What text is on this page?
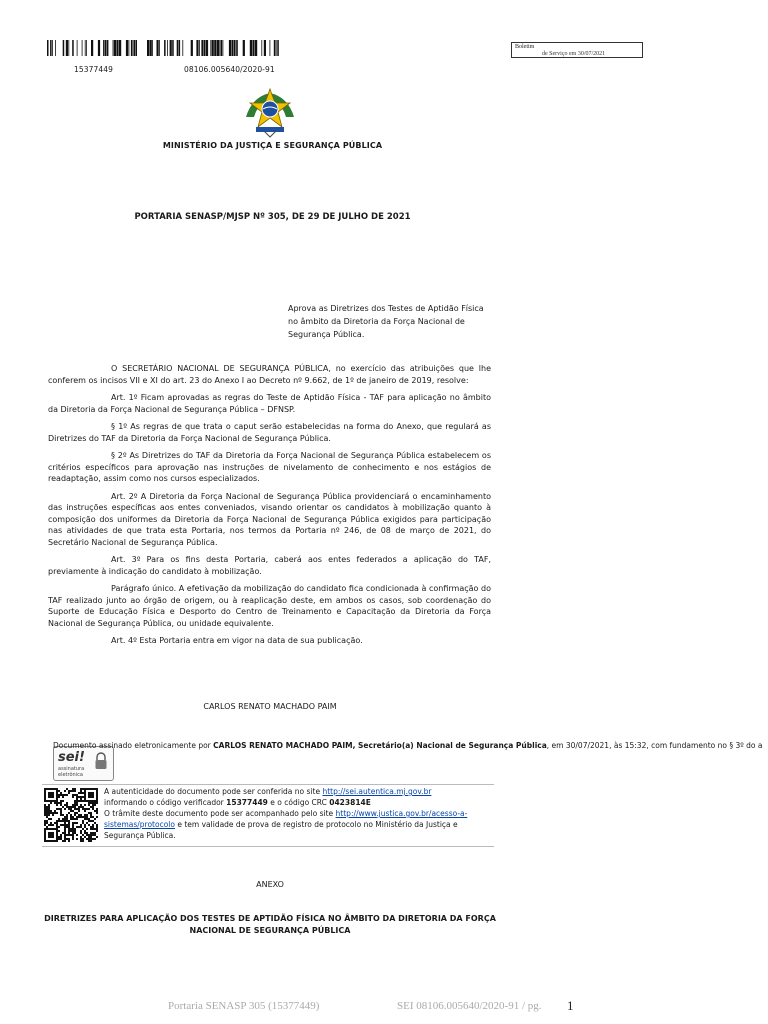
15377449	08106.005640/2020-91
Boletim
de Serviço em 30/07/2021
MINISTÉRIO DA JUSTIÇA E SEGURANÇA PÚBLICA
PORTARIA SENASP/MJSP Nº 305, DE 29 DE JULHO DE 2021
Aprova as Diretrizes dos Testes de Aptidão Física no âmbito da Diretoria da Força Nacional de Segurança Pública.

O SECRETÁRIO NACIONAL DE SEGURANÇA PÚBLICA, no exercício das atribuições que lhe conferem os incisos VII e XI do art. 23 do Anexo I ao Decreto nº 9.662, de 1º de janeiro de 2019, resolve:

Art. 1º Ficam aprovadas as regras do Teste de Aptidão Física - TAF para aplicação no âmbito da Diretoria da Força Nacional de Segurança Pública – DFNSP.

§ 1º As regras de que trata o caput serão estabelecidas na forma do Anexo, que regulará as Diretrizes do TAF da Diretoria da Força Nacional de Segurança Pública.

§ 2º As Diretrizes do TAF da Diretoria da Força Nacional de Segurança Pública estabelecem os critérios específicos para aprovação nas instruções de nivelamento de conhecimento e nos estágios de readaptação, assim como nos cursos especializados.

Art. 2º A Diretoria da Força Nacional de Segurança Pública providenciará o encaminhamento das instruções específicas aos entes conveniados, visando orientar os candidatos à mobilização quanto à composição dos uniformes da Diretoria da Força Nacional de Segurança Pública exigidos para participação nas atividades de que trata esta Portaria, nos termos da Portaria nº 246, de 08 de março de 2021, do Secretário Nacional de Segurança Pública.

Art. 3º Para os fins desta Portaria, caberá aos entes federados a aplicação do TAF, previamente à indicação do candidato à mobilização.

Parágrafo único. A efetivação da mobilização do candidato fica condicionada à confirmação do TAF realizado junto ao órgão de origem, ou à reaplicação deste, em ambos os casos, sob coordenação do Suporte de Educação Física e Desporto do Centro de Treinamento e Capacitação da Diretoria da Força Nacional de Segurança Pública, ou unidade equivalente.

Art. 4º Esta Portaria entra em vigor na data de sua publicação.

CARLOS RENATO MACHADO PAIM
sei!
assinatura
eletrônica
Documento assinado eletronicamente por CARLOS RENATO MACHADO PAIM, Secretário(a) Nacional de Segurança Pública, em 30/07/2021, às 15:32, com fundamento no § 3º do a
A autenticidade do documento pode ser conferida no site http://sei.autentica.mj.gov.br
informando o código verificador 15377449 e o código CRC 0423814E
O trâmite deste documento pode ser acompanhado pelo site http://www.justica.gov.br/acesso-a-sistemas/protocolo e tem validade de prova de registro de protocolo no Ministério da Justiça e Segurança Pública.
ANEXO
DIRETRIZES PARA APLICAÇÃO DOS TESTES DE APTIDÃO FÍSICA NO ÂMBITO DA DIRETORIA DA FORÇA NACIONAL DE SEGURANÇA PÚBLICA
Portaria SENASP 305 (15377449)	SEI 08106.005640/2020-91 / pg. 1
